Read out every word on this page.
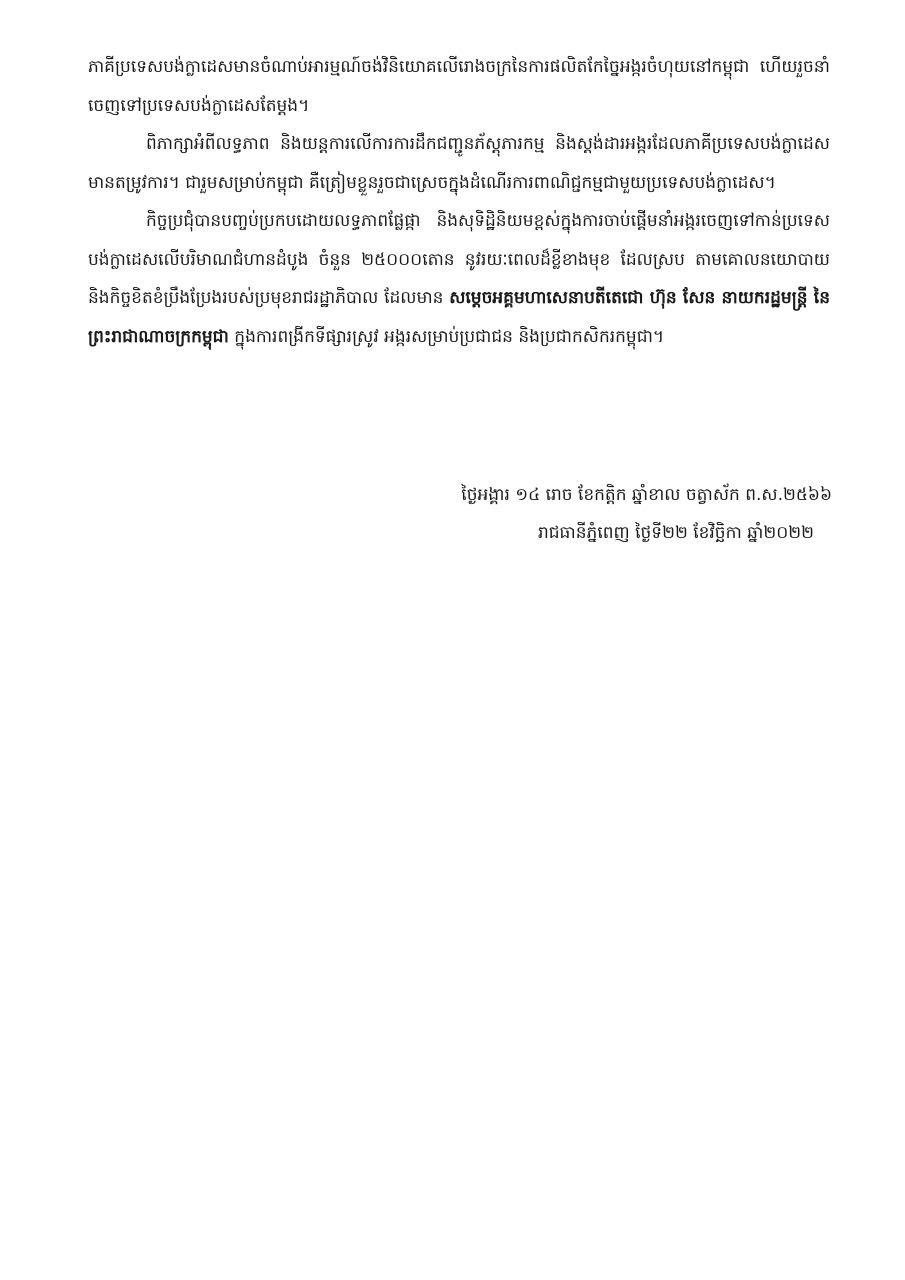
ភាគីប្រទេសបង់ក្លាដេសមានចំណាប់អារម្មណ៍ចង់វិនិយោគលើរោងចក្រនៃការផលិតកែច្នៃអង្ករចំហុយនៅកម្ពុជា ហើយរួចនាំចេញទៅប្រទេសបង់ក្លាដេសតែម្តង។

ពិភាក្សាអំពីលទ្ធភាព និងយន្តការលើការការដឹកជញ្ជូនភ័ស្តុភារកម្ម និងស្តង់ដារអង្ករដែលភាគីប្រទេសបង់ក្លាដេស មានតម្រូវការ។ ជារួមសម្រាប់កម្ពុជា គឺត្រៀមខ្លួនរួចជាស្រេចក្នុងដំណើរការពាណិជ្ជកម្មជាមួយប្រទេសបង់ក្លាដេស។

កិច្ចប្រជុំបានបញ្ចប់ប្រកបដោយលទ្ធភាពផ្លែផ្កា និងសុទិដ្ឋិនិយមខ្ពស់ក្នុងការចាប់ផ្តើមនាំអង្ករចេញទៅកាន់ប្រទេសបង់ក្លាដេសលើបរិមាណជំហានដំបូង ចំនួន ២៥០០០តោន នូវរយៈពេលដ៏ខ្លីខាងមុខ ដែលស្រប តាមគោលនយោបាយ និងកិច្ចខិតខំប្រឹងប្រែងរបស់ប្រមុខរាជរដ្ឋាភិបាល ដែលមាន សម្តេចអគ្គមហាសេនាបតីតេជោ ហ៊ុន សែន នាយករដ្ឋមន្ត្រី នៃព្រះរាជាណាចក្រកម្ពុជា ក្នុងការពង្រីកទីផ្សារស្រូវ អង្ករសម្រាប់ប្រជាជន និងប្រជាកសិករកម្ពុជា។

ថ្ងៃអង្គារ ១៤ រោច ខែកត្តិក ឆ្នាំខាល ចត្វាស័ក ព.ស.២៥៦៦
រាជធានីភ្នំពេញ ថ្ងៃទី២២ ខែវិច្ឆិកា ឆ្នាំ២០២២
